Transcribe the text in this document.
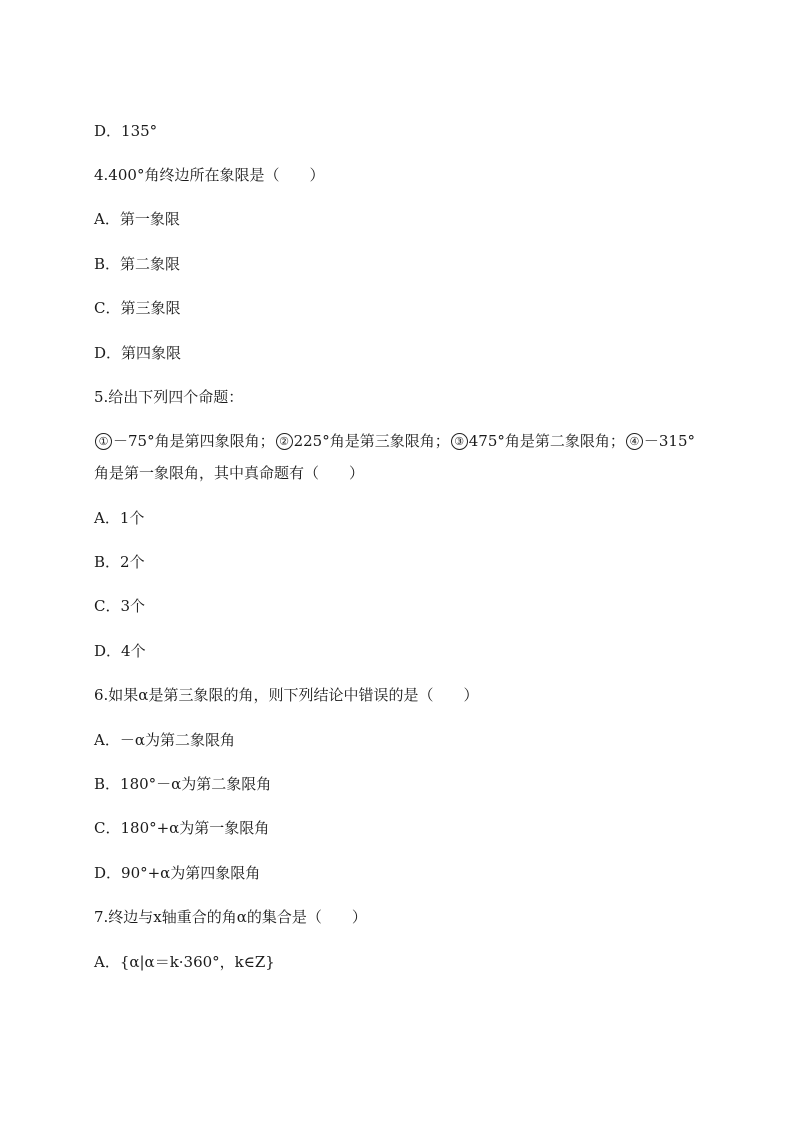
D．135°
4.400°角终边所在象限是（　　）
A．第一象限
B．第二象限
C．第三象限
D．第四象限
5.给出下列四个命题：
① －75°角是第四象限角； ② 225°角是第三象限角； ③ 475°角是第二象限角； ④ －315°角是第一象限角，其中真命题有（　　）
A．1个
B．2个
C．3个
D．4个
6.如果α是第三象限的角，则下列结论中错误的是（　　）
A．－α为第二象限角
B．180°－α为第二象限角
C．180°+α为第一象限角
D．90°+α为第四象限角
7.终边与x轴重合的角α的集合是（　　）
A．{α|α＝k·360°，k∈Z}
